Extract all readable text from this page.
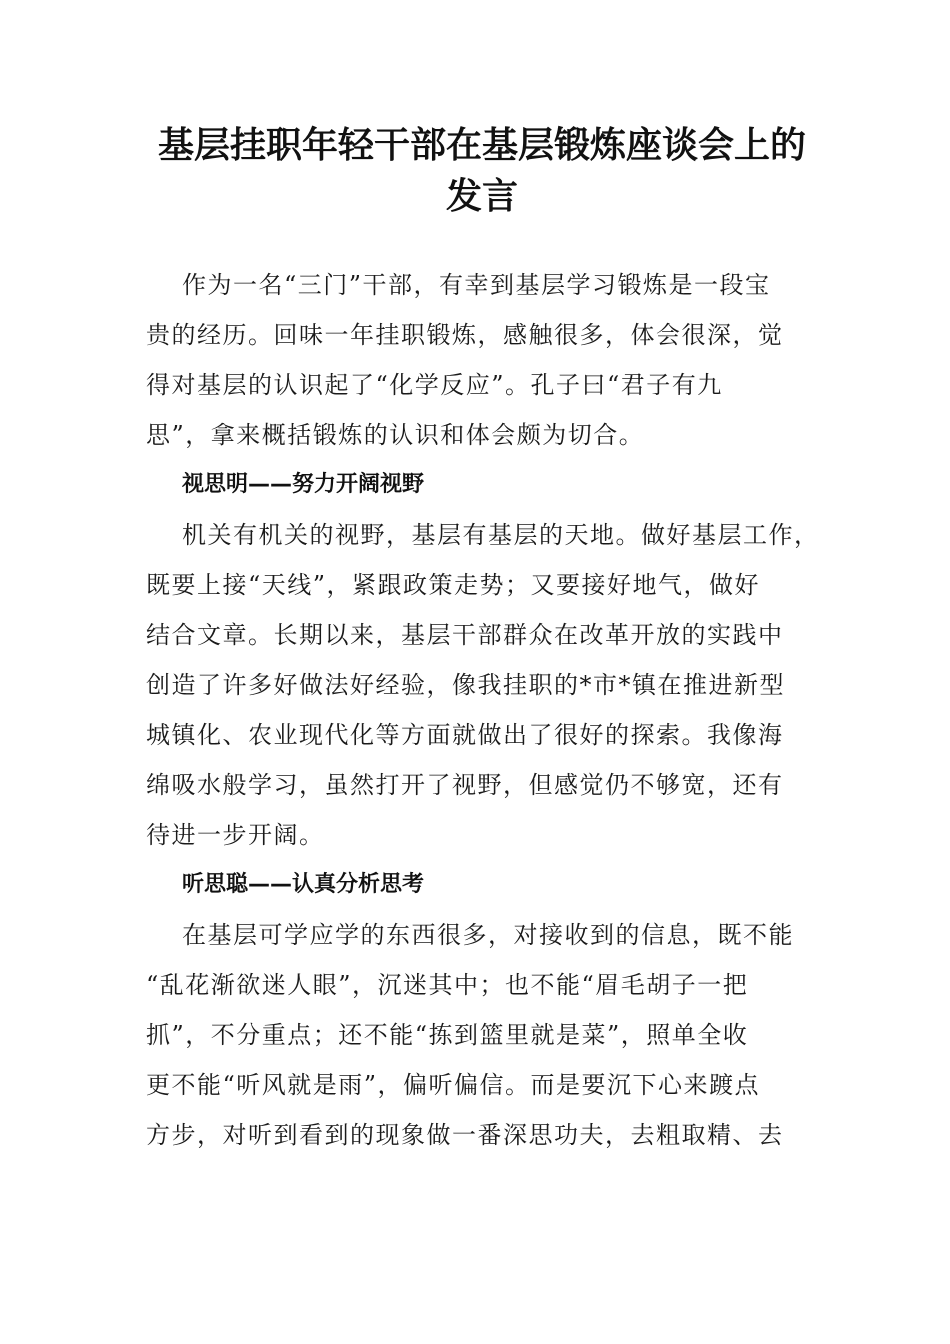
基层挂职年轻干部在基层锻炼座谈会上的
发言

作为一名“三门”干部，有幸到基层学习锻炼是一段宝
贵的经历。回味一年挂职锻炼，感触很多，体会很深，觉
得对基层的认识起了“化学反应”。孔子曰“君子有九
思”，拿来概括锻炼的认识和体会颇为切合。

视思明——努力开阔视野

机关有机关的视野，基层有基层的天地。做好基层工作，
既要上接“天线”，紧跟政策走势；又要接好地气，做好
结合文章。长期以来，基层干部群众在改革开放的实践中
创造了许多好做法好经验，像我挂职的*市*镇在推进新型
城镇化、农业现代化等方面就做出了很好的探索。我像海
绵吸水般学习，虽然打开了视野，但感觉仍不够宽，还有
待进一步开阔。

听思聪——认真分析思考

在基层可学应学的东西很多，对接收到的信息，既不能
“乱花渐欲迷人眼”，沉迷其中；也不能“眉毛胡子一把
抓”，不分重点；还不能“拣到篮里就是菜”，照单全收
更不能“听风就是雨”，偏听偏信。而是要沉下心来踱点
方步，对听到看到的现象做一番深思功夫，去粗取精、去
